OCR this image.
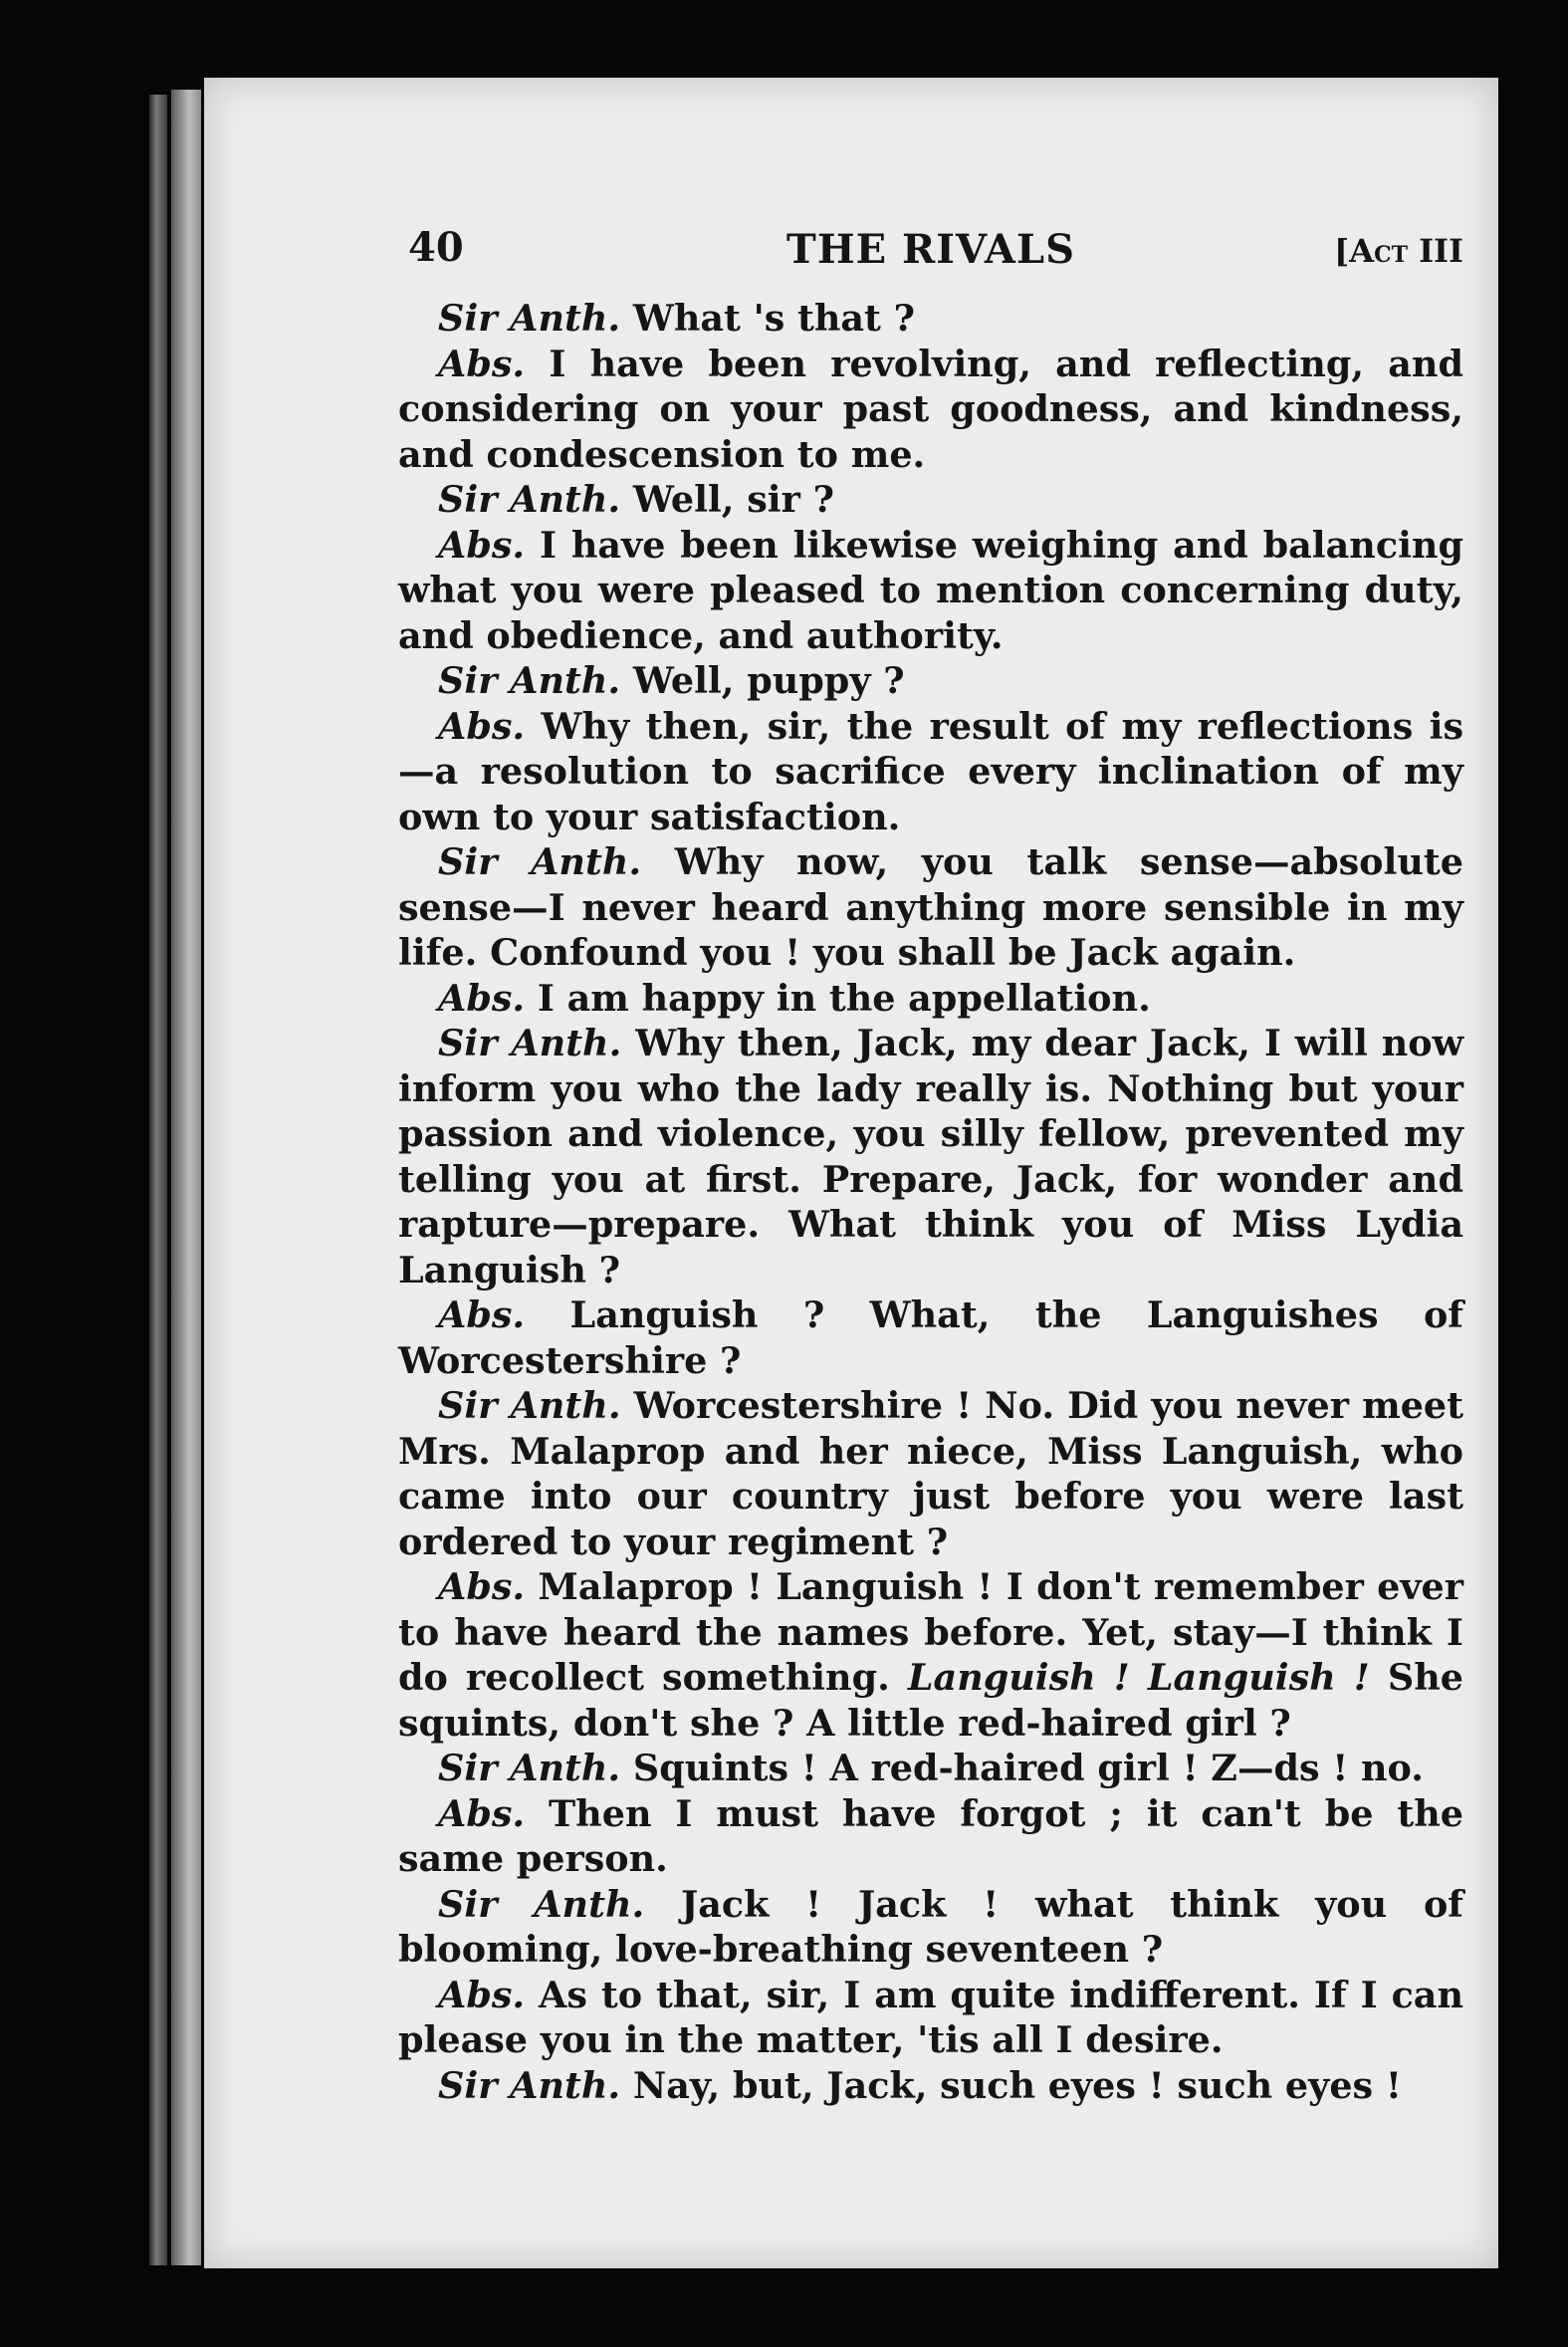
40	THE RIVALS	[Act III

Sir Anth. What 's that ?

Abs. I have been revolving, and reflecting, and considering on your past goodness, and kindness, and condescension to me.

Sir Anth. Well, sir ?

Abs. I have been likewise weighing and balancing what you were pleased to mention concerning duty, and obedience, and authority.

Sir Anth. Well, puppy ?

Abs. Why then, sir, the result of my reflections is—a resolution to sacrifice every inclination of my own to your satisfaction.

Sir Anth. Why now, you talk sense—absolute sense—I never heard anything more sensible in my life. Confound you ! you shall be Jack again.

Abs. I am happy in the appellation.

Sir Anth. Why then, Jack, my dear Jack, I will now inform you who the lady really is. Nothing but your passion and violence, you silly fellow, prevented my telling you at first. Prepare, Jack, for wonder and rapture—prepare. What think you of Miss Lydia Languish ?

Abs. Languish ? What, the Languishes of Worcestershire ?

Sir Anth. Worcestershire ! No. Did you never meet Mrs. Malaprop and her niece, Miss Languish, who came into our country just before you were last ordered to your regiment ?

Abs. Malaprop ! Languish ! I don't remember ever to have heard the names before. Yet, stay—I think I do recollect something. Languish ! Languish ! She squints, don't she ? A little red-haired girl ?

Sir Anth. Squints ! A red-haired girl ! Z—ds ! no.

Abs. Then I must have forgot ; it can't be the same person.

Sir Anth. Jack ! Jack ! what think you of blooming, love-breathing seventeen ?

Abs. As to that, sir, I am quite indifferent. If I can please you in the matter, 'tis all I desire.

Sir Anth. Nay, but, Jack, such eyes ! such eyes !
